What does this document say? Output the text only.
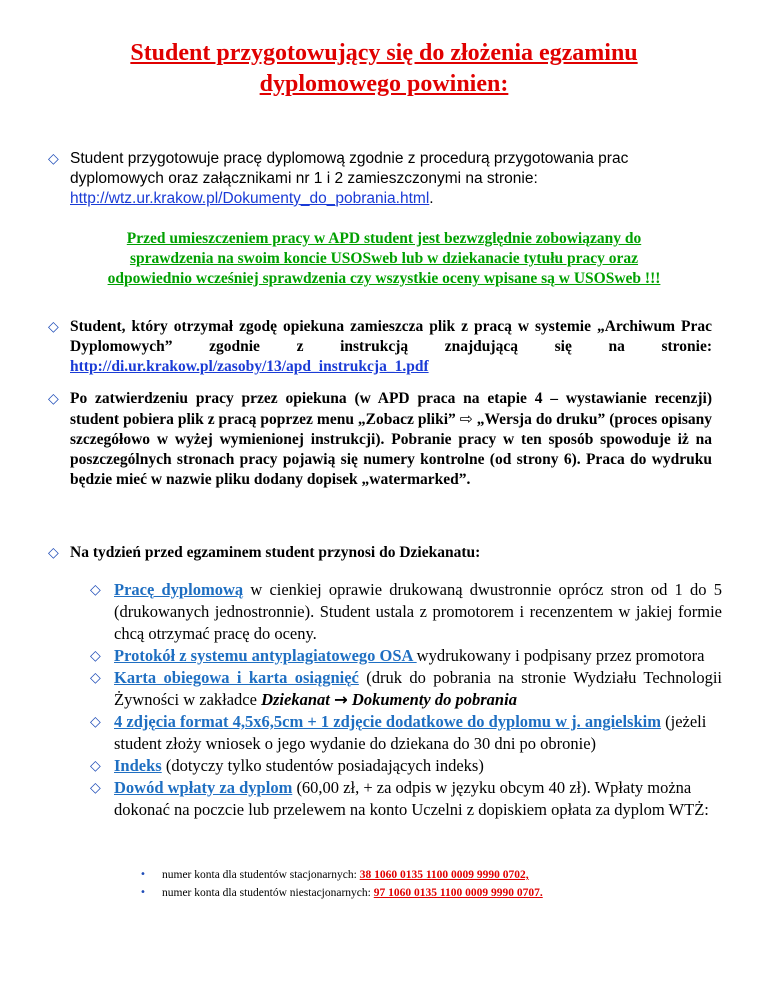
Student przygotowujący się do złożenia egzaminu
dyplomowego powinien:
◇ Student przygotowuje pracę dyplomową zgodnie z procedurą przygotowania prac dyplomowych oraz załącznikami nr 1 i 2 zamieszczonymi na stronie: http://wtz.ur.krakow.pl/Dokumenty_do_pobrania.html.
Przed umieszczeniem pracy w APD student jest bezwzględnie zobowiązany do
sprawdzenia na swoim koncie USOSweb lub w dziekanacie tytułu pracy oraz
odpowiednio wcześniej sprawdzenia czy wszystkie oceny wpisane są w USOSweb !!!
◇ Student, który otrzymał zgodę opiekuna zamieszcza plik z pracą w systemie „Archiwum Prac Dyplomowych” zgodnie z instrukcją znajdującą się na stronie: http://di.ur.krakow.pl/zasoby/13/apd_instrukcja_1.pdf
◇ Po zatwierdzeniu pracy przez opiekuna (w APD praca na etapie 4 – wystawianie recenzji) student pobiera plik z pracą poprzez menu „Zobacz pliki” ⇨ „Wersja do druku” (proces opisany szczegółowo w wyżej wymienionej instrukcji). Pobranie pracy w ten sposób spowoduje iż na poszczególnych stronach pracy pojawią się numery kontrolne (od strony 6). Praca do wydruku będzie mieć w nazwie pliku dodany dopisek „watermarked”.
◇ Na tydzień przed egzaminem student przynosi do Dziekanatu:
◇ Pracę dyplomową w cienkiej oprawie drukowaną dwustronnie oprócz stron od 1 do 5 (drukowanych jednostronnie). Student ustala z promotorem i recenzentem w jakiej formie chcą otrzymać pracę do oceny.
◇ Protokół z systemu antyplagiatowego OSA wydrukowany i podpisany przez promotora
◇ Karta obiegowa i karta osiągnięć (druk do pobrania na stronie Wydziału Technologii Żywności w zakładce Dziekanat → Dokumenty do pobrania
◇ 4 zdjęcia format 4,5x6,5cm + 1 zdjęcie dodatkowe do dyplomu w j. angielskim (jeżeli student złoży wniosek o jego wydanie do dziekana do 30 dni po obronie)
◇ Indeks (dotyczy tylko studentów posiadających indeks)
◇ Dowód wpłaty za dyplom (60,00 zł, + za odpis w języku obcym 40 zł). Wpłaty można dokonać na poczcie lub przelewem na konto Uczelni z dopiskiem opłata za dyplom WTŻ:
•	numer konta dla studentów stacjonarnych: 38 1060 0135 1100 0009 9990 0702,
•	numer konta dla studentów niestacjonarnych: 97 1060 0135 1100 0009 9990 0707.
